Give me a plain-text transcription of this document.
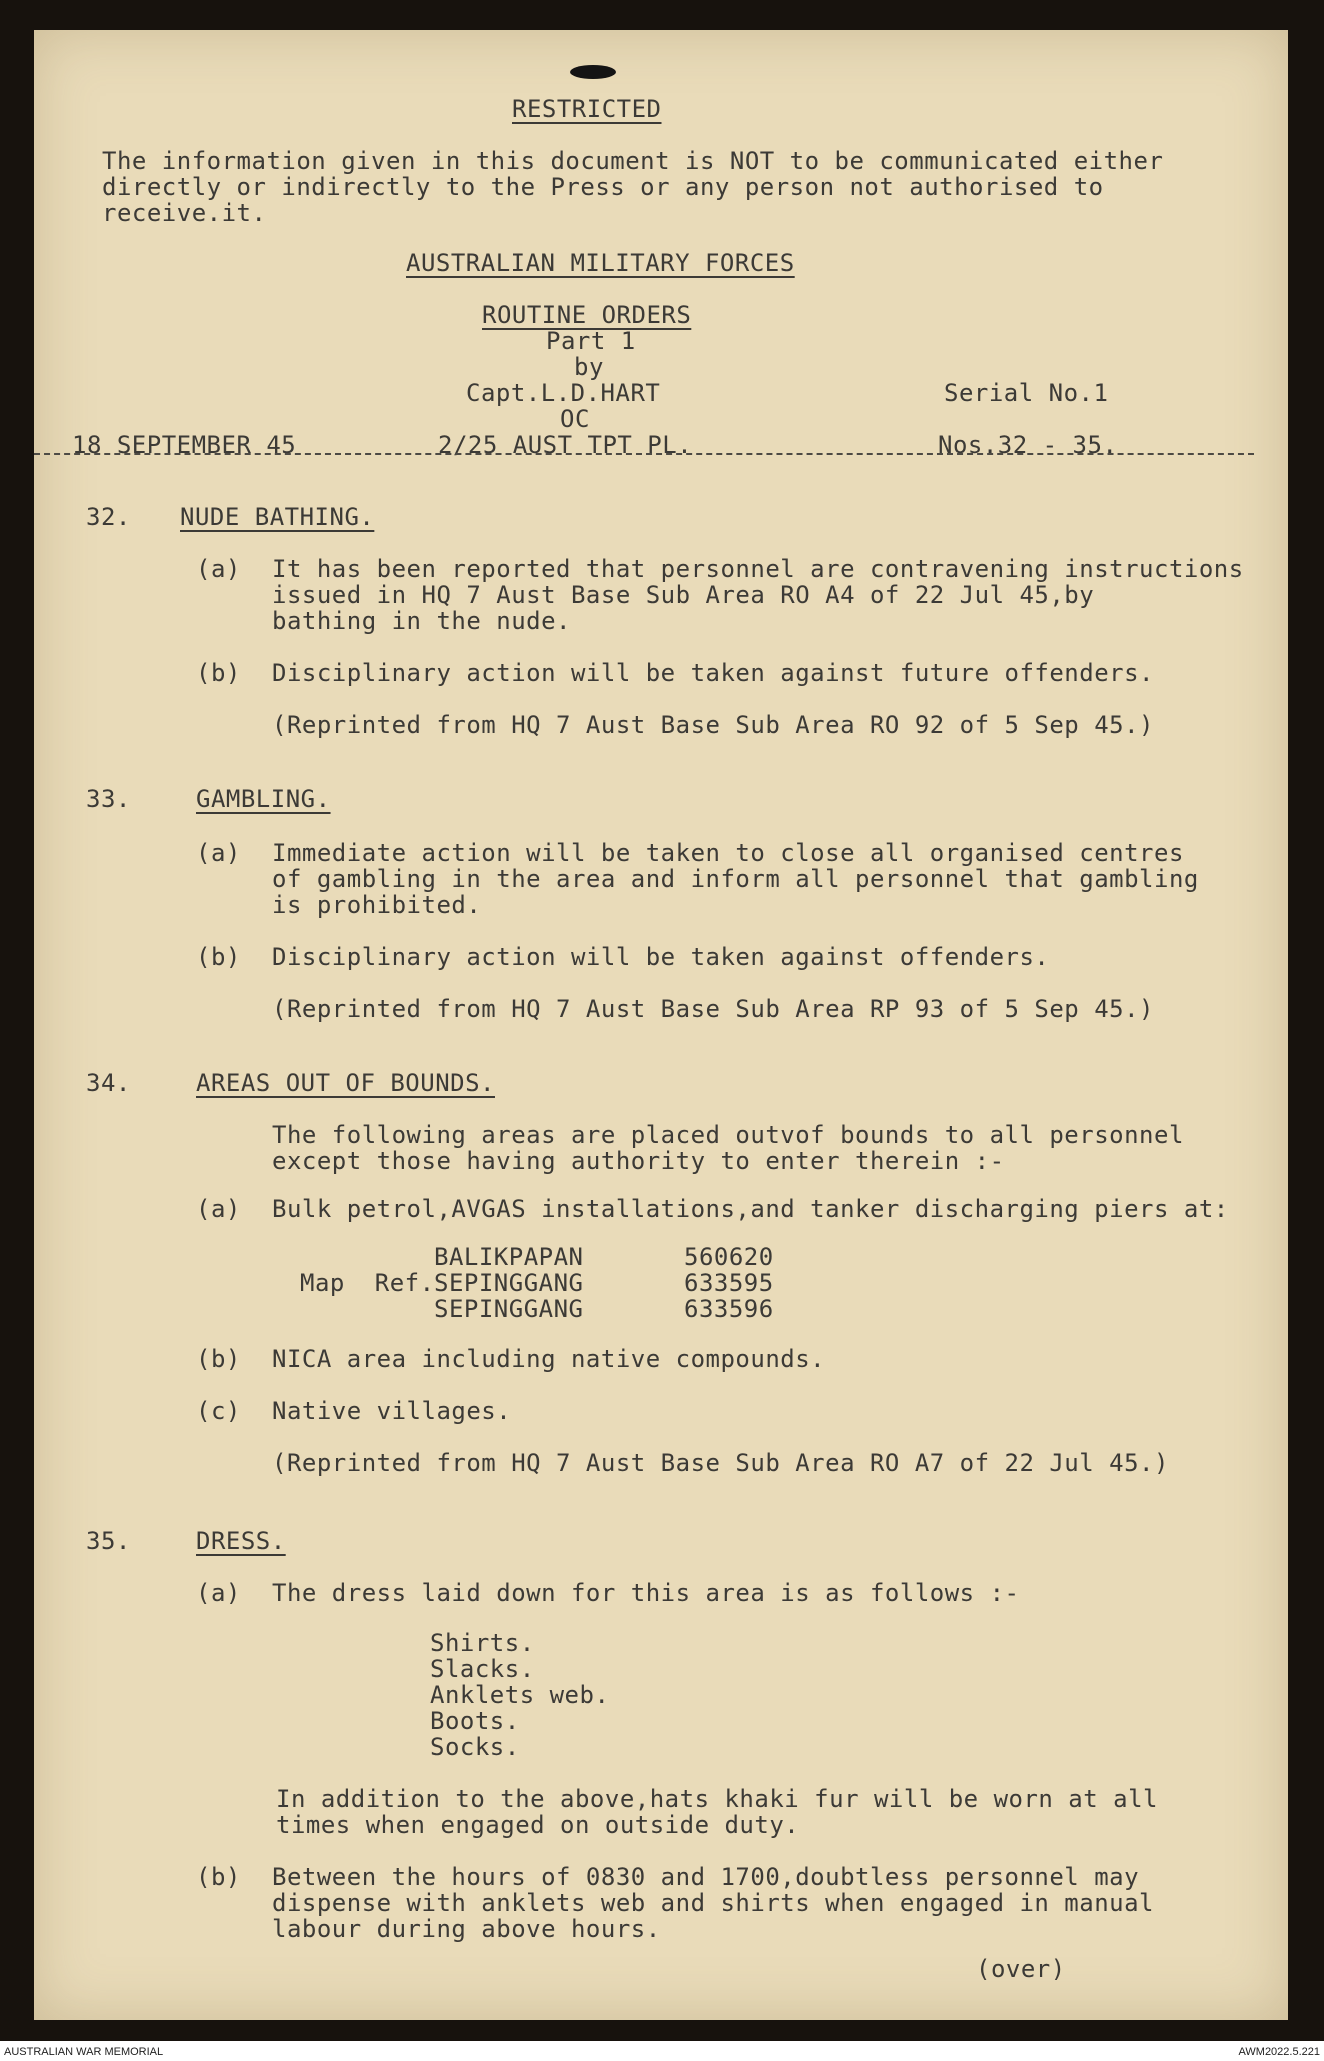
RESTRICTED
The information given in this document is NOT to be communicated either
directly or indirectly to the Press or any person not authorised to
receive.it.
AUSTRALIAN MILITARY FORCES
ROUTINE ORDERS
Part 1
by
Capt.L.D.HART	Serial No.1
OC
18 SEPTEMBER 45	2/25 AUST TPT PL.	Nos.32 - 35.
32. NUDE BATHING.
(a) It has been reported that personnel are contravening instructions
issued in HQ 7 Aust Base Sub Area RO A4 of 22 Jul 45,by
bathing in the nude.
(b) Disciplinary action will be taken against future offenders.
(Reprinted from HQ 7 Aust Base Sub Area RO 92 of 5 Sep 45.)
33.	GAMBLING.
(a) Immediate action will be taken to close all organised centres
of gambling in the area and inform all personnel that gambling
is prohibited.
(b) Disciplinary action will be taken against offenders.
(Reprinted from HQ 7 Aust Base Sub Area RP 93 of 5 Sep 45.)
34.	AREAS OUT OF BOUNDS.
The following areas are placed outvof bounds to all personnel
except those having authority to enter therein :-
(a) Bulk petrol,AVGAS installations,and tanker discharging piers at:
BALIKPAPAN	560620
Map  Ref. SEPINGGANG	633595
SEPINGGANG	633596
(b) NICA area including native compounds.
(c) Native villages.
(Reprinted from HQ 7 Aust Base Sub Area RO A7 of 22 Jul 45.)
35.	DRESS.
(a) The dress laid down for this area is as follows :-
Shirts.
Slacks.
Anklets web.
Boots.
Socks.
In addition to the above,hats khaki fur will be worn at all
times when engaged on outside duty.
(b) Between the hours of 0830 and 1700,doubtless personnel may
dispense with anklets web and shirts when engaged in manual
labour during above hours.
(over)
AUSTRALIAN WAR MEMORIAL	AWM2022.5.221
